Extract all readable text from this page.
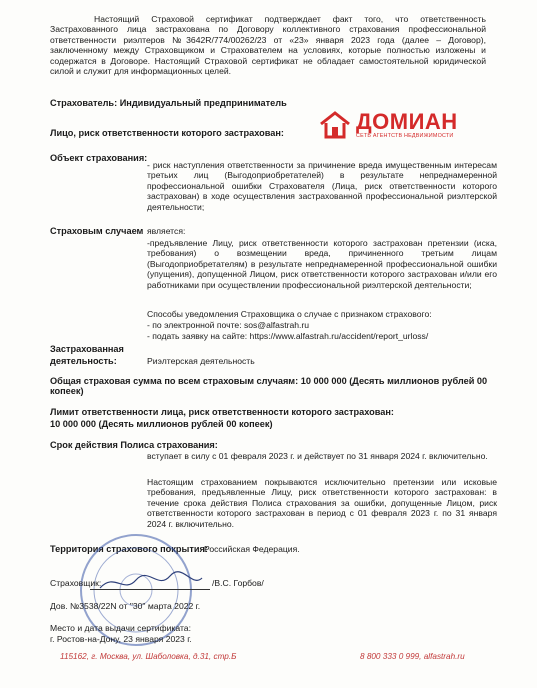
Настоящий Страховой сертификат подтверждает факт того, что ответственность Застрахованного лица застрахована по Договору коллективного страхования профессиональной ответственности риэлтеров №3642R/774/00262/23 от «23» января 2023 года (далее – Договор), заключенному между Страховщиком и Страхователем на условиях, которые полностью изложены и содержатся в Договоре. Настоящий Страховой сертификат не обладает самостоятельной юридической силой и служит для информационных целей.
Страхователь: Индивидуальный предприниматель
Лицо, риск ответственности которого застрахован:	ДОМИАН
СЕТЬ АГЕНТСТВ НЕДВИЖИМОСТИ
Объект страхования:
- риск наступления ответственности за причинение вреда имущественным интересам третьих лиц (Выгодоприобретателей) в результате непреднамеренной профессиональной ошибки Страхователя (Лица, риск ответственности которого застрахован) в ходе осуществления застрахованной профессиональной риэлтерской деятельности;
Страховым случаем является:
-предъявление Лицу, риск ответственности которого застрахован претензии (иска, требования) о возмещении вреда, причиненного третьим лицам (Выгодоприобретателям) в результате непреднамеренной профессиональной ошибки (упущения), допущенной Лицом, риск ответственности которого застрахован и/или его работниками при осуществлении профессиональной риэлтерской деятельности;
Способы уведомления Страховщика о случае с признаком страхового:
- по электронной почте: sos@alfastrah.ru
- подать заявку на сайте: https://www.alfastrah.ru/accident/report_urloss/
Застрахованная
деятельность:	Риэлтерская деятельность
Общая страховая сумма по всем страховым случаям: 10 000 000 (Десять миллионов рублей 00 копеек)
Лимит ответственности лица, риск ответственности которого застрахован:
10 000 000 (Десять миллионов рублей 00 копеек)
Срок действия Полиса страхования:
вступает в силу с 01 февраля 2023 г. и действует по 31 января 2024 г. включительно.
Настоящим страхованием покрываются исключительно претензии или исковые требования, предъявленные Лицу, риск ответственности которого застрахован: в течение срока действия Полиса страхования за ошибки, допущенные Лицом, риск ответственности которого застрахован в период с 01 февраля 2023 г. по 31 января 2024 г. включительно.
Территория страхового покрытия:
Российская Федерация.
Страховщик:	/В.С. Горбов/
Дов. №3538/22N от "30" марта 2022 г.
Место и дата выдачи сертификата:
г. Ростов-на-Дону, 23 января 2023 г.
115162, г. Москва, ул. Шаболовка, д.31, стр.Б	8 800 333 0 999, alfastrah.ru
